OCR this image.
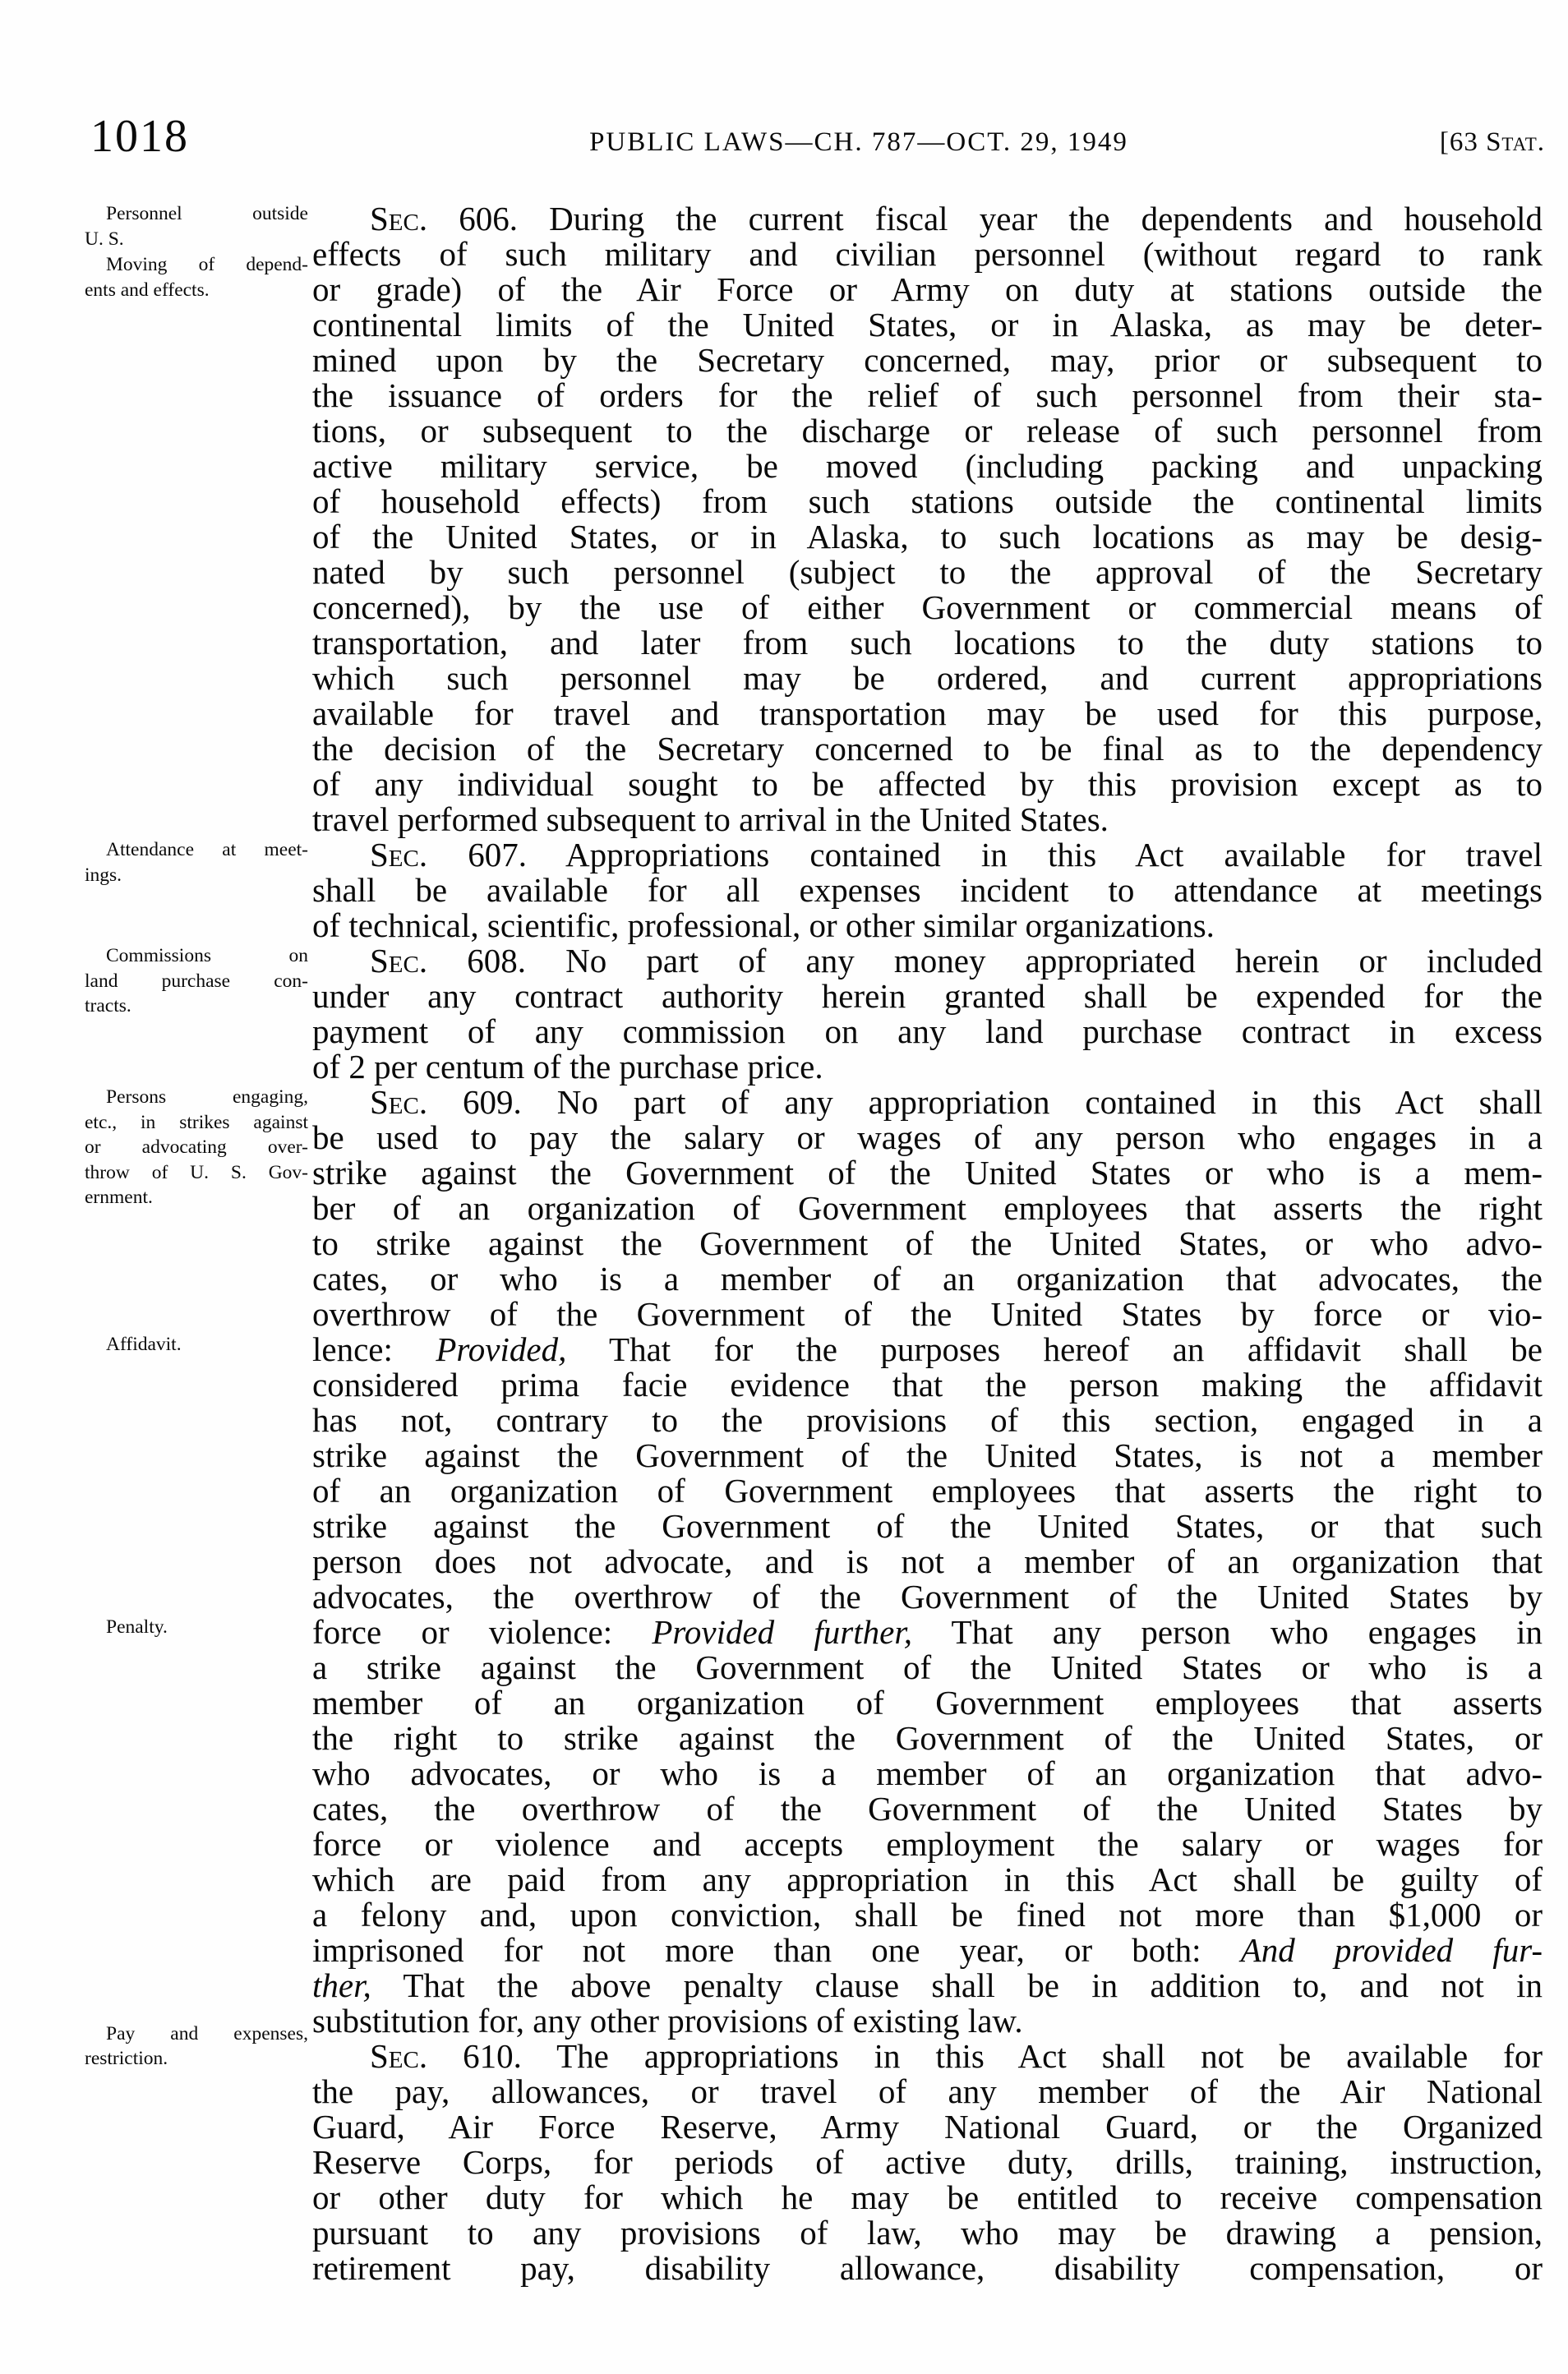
1018	PUBLIC LAWS—CH. 787—OCT. 29, 1949	[63 Stat.
Personnel outside
U. S.
Moving of depend-
ents and effects.
Attendance at meet-
ings.
Commissions on
land purchase con-
tracts.
Persons engaging,
etc., in strikes against
or advocating over-
throw of U. S. Gov-
ernment.
Affidavit.
Penalty.
Pay and expenses,
restriction.
Sec. 606. During the current fiscal year the dependents and household
effects of such military and civilian personnel (without regard to rank
or grade) of the Air Force or Army on duty at stations outside the
continental limits of the United States, or in Alaska, as may be deter-
mined upon by the Secretary concerned, may, prior or subsequent to
the issuance of orders for the relief of such personnel from their sta-
tions, or subsequent to the discharge or release of such personnel from
active military service, be moved (including packing and unpacking
of household effects) from such stations outside the continental limits
of the United States, or in Alaska, to such locations as may be desig-
nated by such personnel (subject to the approval of the Secretary
concerned), by the use of either Government or commercial means of
transportation, and later from such locations to the duty stations to
which such personnel may be ordered, and current appropriations
available for travel and transportation may be used for this purpose,
the decision of the Secretary concerned to be final as to the dependency
of any individual sought to be affected by this provision except as to
travel performed subsequent to arrival in the United States.
Sec. 607. Appropriations contained in this Act available for travel
shall be available for all expenses incident to attendance at meetings
of technical, scientific, professional, or other similar organizations.
Sec. 608. No part of any money appropriated herein or included
under any contract authority herein granted shall be expended for the
payment of any commission on any land purchase contract in excess
of 2 per centum of the purchase price.
Sec. 609. No part of any appropriation contained in this Act shall
be used to pay the salary or wages of any person who engages in a
strike against the Government of the United States or who is a mem-
ber of an organization of Government employees that asserts the right
to strike against the Government of the United States, or who advo-
cates, or who is a member of an organization that advocates, the
overthrow of the Government of the United States by force or vio-
lence: Provided, That for the purposes hereof an affidavit shall be
considered prima facie evidence that the person making the affidavit
has not, contrary to the provisions of this section, engaged in a
strike against the Government of the United States, is not a member
of an organization of Government employees that asserts the right to
strike against the Government of the United States, or that such
person does not advocate, and is not a member of an organization that
advocates, the overthrow of the Government of the United States by
force or violence: Provided further, That any person who engages in
a strike against the Government of the United States or who is a
member of an organization of Government employees that asserts
the right to strike against the Government of the United States, or
who advocates, or who is a member of an organization that advo-
cates, the overthrow of the Government of the United States by
force or violence and accepts employment the salary or wages for
which are paid from any appropriation in this Act shall be guilty of
a felony and, upon conviction, shall be fined not more than $1,000 or
imprisoned for not more than one year, or both: And provided fur-
ther, That the above penalty clause shall be in addition to, and not in
substitution for, any other provisions of existing law.
Sec. 610. The appropriations in this Act shall not be available for
the pay, allowances, or travel of any member of the Air National
Guard, Air Force Reserve, Army National Guard, or the Organized
Reserve Corps, for periods of active duty, drills, training, instruction,
or other duty for which he may be entitled to receive compensation
pursuant to any provisions of law, who may be drawing a pension,
retirement pay, disability allowance, disability compensation, or
